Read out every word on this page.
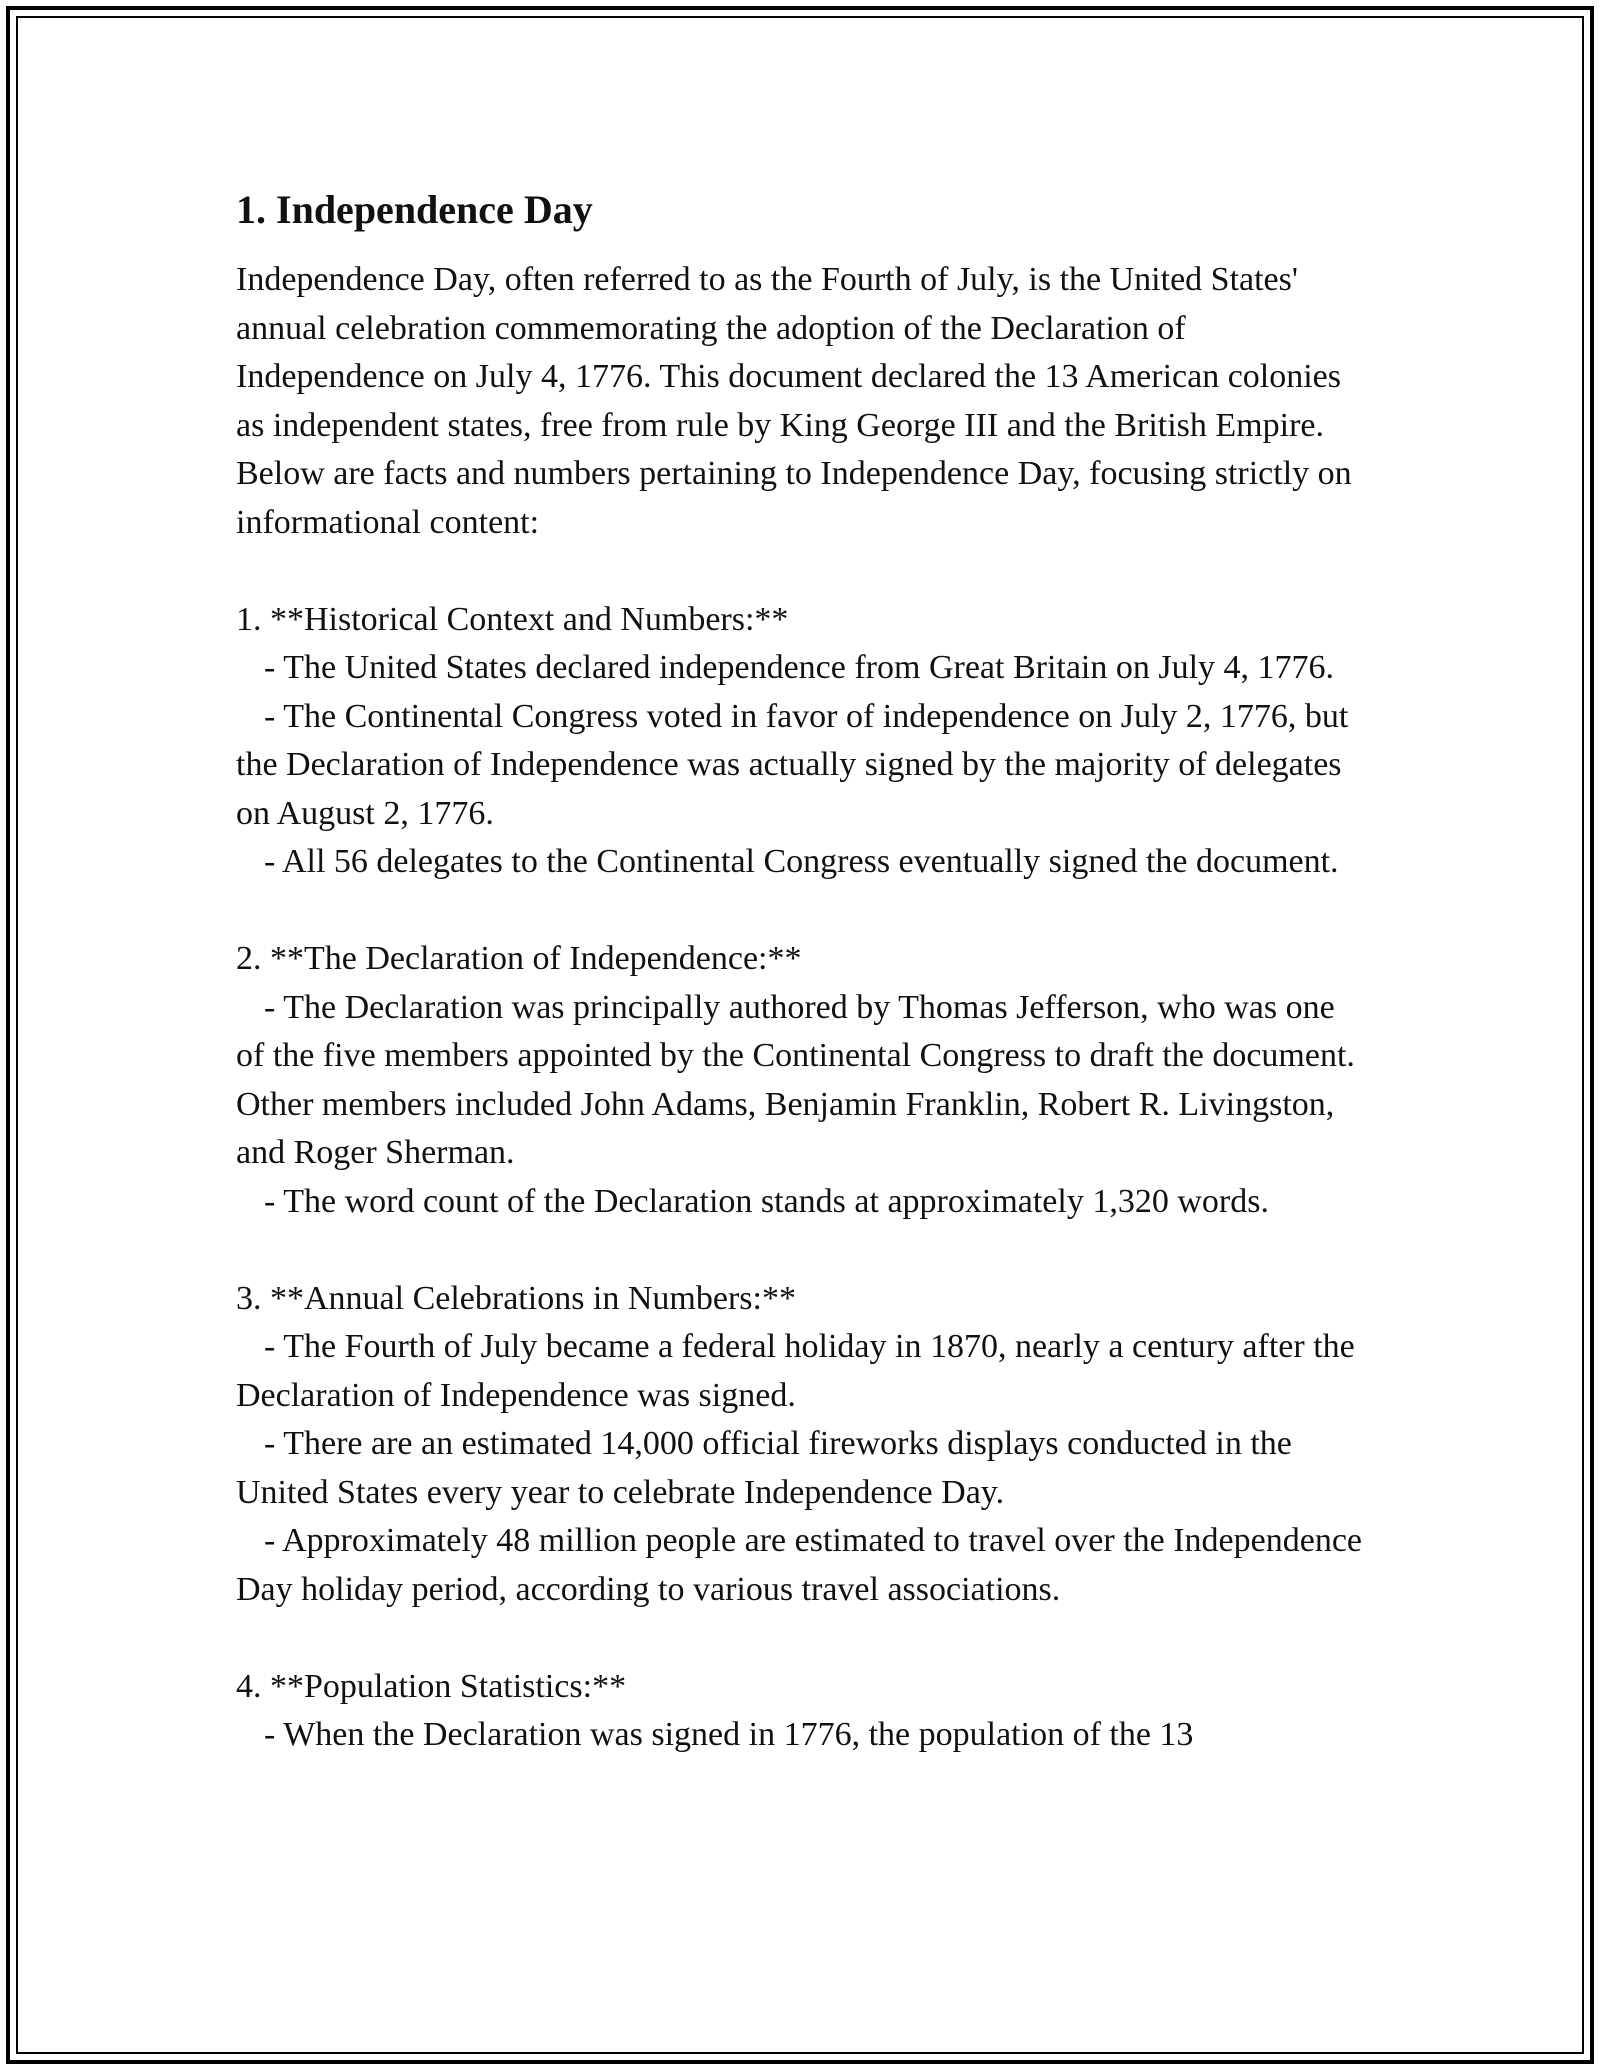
1. Independence Day

Independence Day, often referred to as the Fourth of July, is the United States' annual celebration commemorating the adoption of the Declaration of Independence on July 4, 1776. This document declared the 13 American colonies as independent states, free from rule by King George III and the British Empire. Below are facts and numbers pertaining to Independence Day, focusing strictly on informational content:

1. **Historical Context and Numbers:**

- The United States declared independence from Great Britain on July 4, 1776.

- The Continental Congress voted in favor of independence on July 2, 1776, but the Declaration of Independence was actually signed by the majority of delegates on August 2, 1776.

- All 56 delegates to the Continental Congress eventually signed the document.

2. **The Declaration of Independence:**

- The Declaration was principally authored by Thomas Jefferson, who was one of the five members appointed by the Continental Congress to draft the document. Other members included John Adams, Benjamin Franklin, Robert R. Livingston, and Roger Sherman.

- The word count of the Declaration stands at approximately 1,320 words.

3. **Annual Celebrations in Numbers:**

- The Fourth of July became a federal holiday in 1870, nearly a century after the Declaration of Independence was signed.

- There are an estimated 14,000 official fireworks displays conducted in the United States every year to celebrate Independence Day.

- Approximately 48 million people are estimated to travel over the Independence Day holiday period, according to various travel associations.

4. **Population Statistics:**

- When the Declaration was signed in 1776, the population of the 13
